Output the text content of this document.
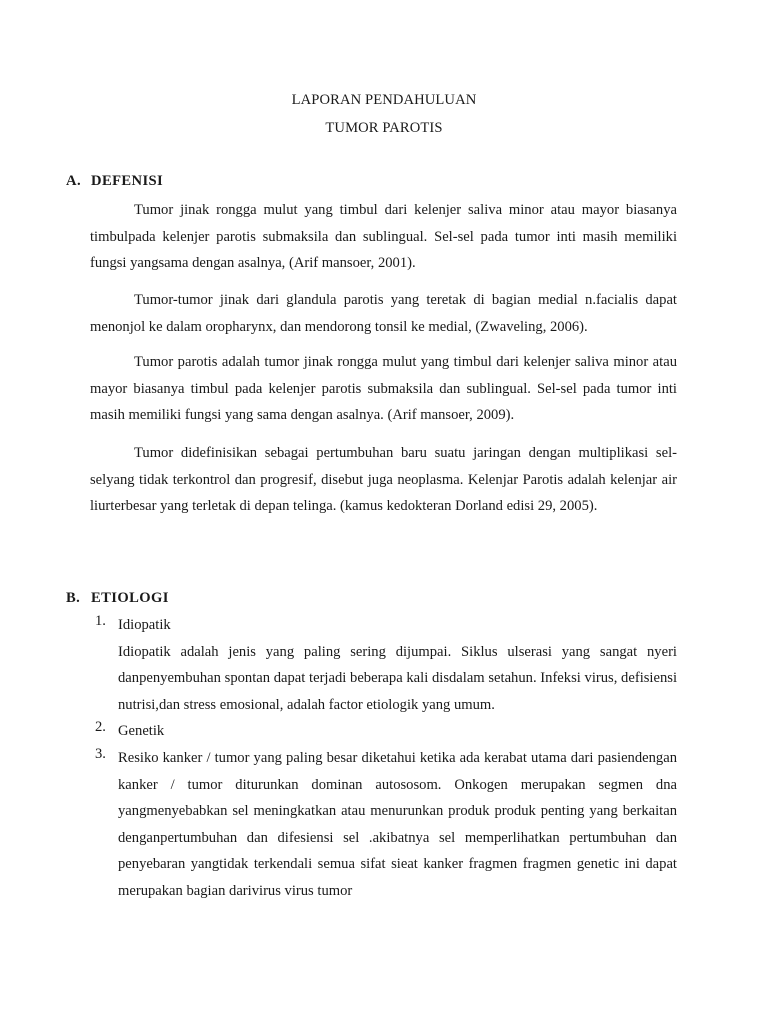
LAPORAN PENDAHULUAN
TUMOR PAROTIS
A. DEFENISI

Tumor jinak rongga mulut yang timbul dari kelenjer saliva minor atau mayor biasanya timbulpada kelenjer parotis submaksila dan sublingual. Sel-sel pada tumor inti masih memiliki fungsi yangsama dengan asalnya, (Arif mansoer, 2001).

Tumor-tumor jinak dari glandula parotis yang teretak di bagian medial n.facialis dapat menonjol ke dalam oropharynx, dan mendorong tonsil ke medial, (Zwaveling, 2006).

Tumor parotis adalah tumor jinak rongga mulut yang timbul dari kelenjer saliva minor atau mayor biasanya timbul pada kelenjer parotis submaksila dan sublingual. Sel-sel pada tumor inti masih memiliki fungsi yang sama dengan asalnya. (Arif mansoer, 2009).

Tumor didefinisikan sebagai pertumbuhan baru suatu jaringan dengan multiplikasi sel-selyang tidak terkontrol dan progresif, disebut juga neoplasma. Kelenjar Parotis adalah kelenjar air liurterbesar yang terletak di depan telinga. (kamus kedokteran Dorland edisi 29, 2005).

B. ETIOLOGI
1. Idiopatik
Idiopatik adalah jenis yang paling sering dijumpai. Siklus ulserasi yang sangat nyeri danpenyembuhan spontan dapat terjadi beberapa kali disdalam setahun. Infeksi virus, defisiensi nutrisi,dan stress emosional, adalah factor etiologik yang umum.
2. Genetik
3. Resiko kanker / tumor yang paling besar diketahui ketika ada kerabat utama dari pasiendengan kanker / tumor diturunkan dominan autososom. Onkogen merupakan segmen dna yangmenyebabkan sel meningkatkan atau menurunkan produk produk penting yang berkaitan denganpertumbuhan dan difesiensi sel .akibatnya sel memperlihatkan pertumbuhan dan penyebaran yangtidak terkendali semua sifat sieat kanker fragmen fragmen genetic ini dapat merupakan bagian darivirus virus tumor
